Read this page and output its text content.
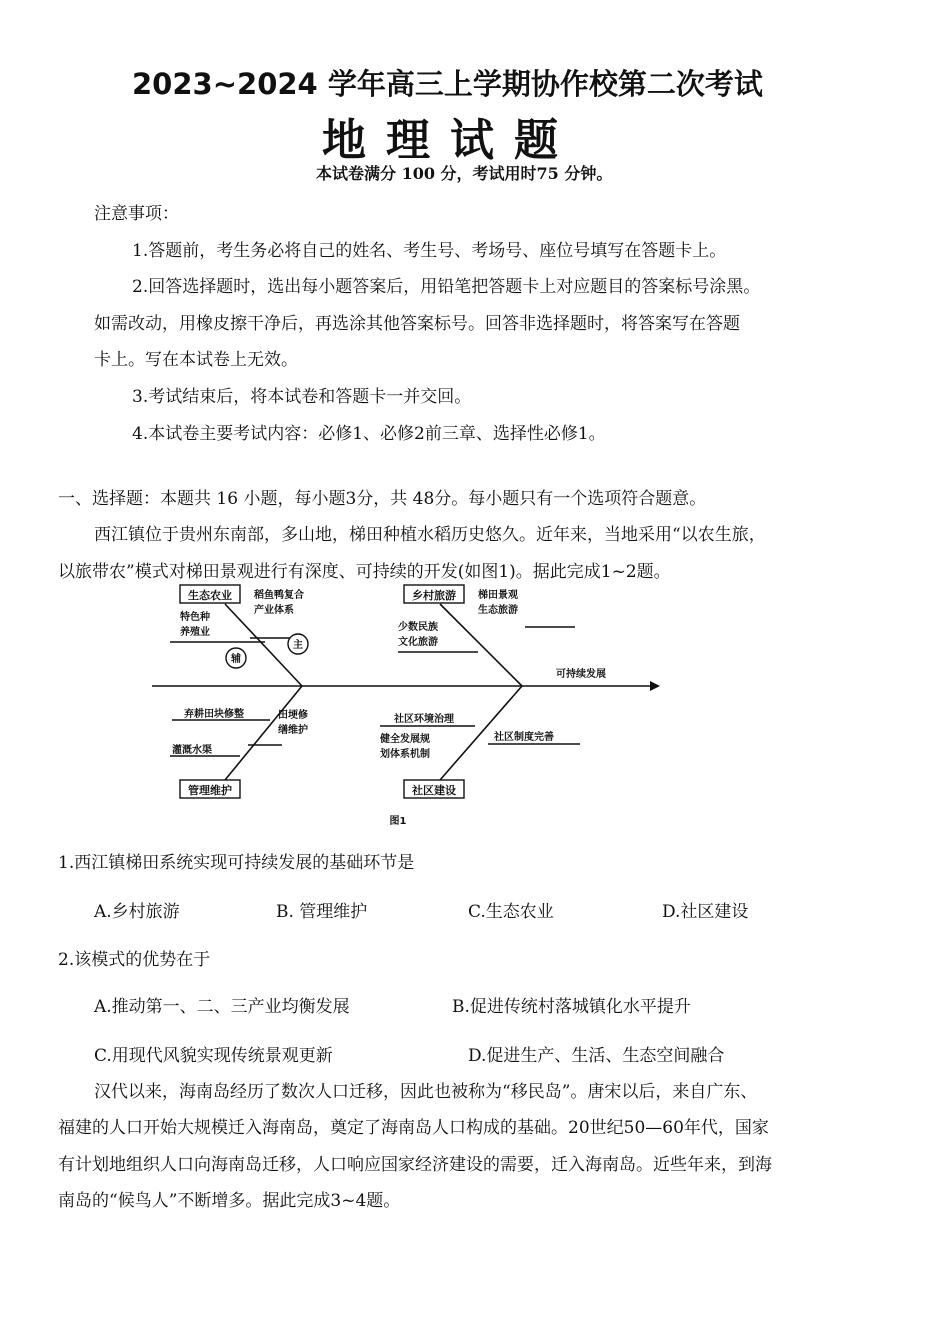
2023~2024 学年高三上学期协作校第二次考试
地理试题
本试卷满分 100 分，考试用时75 分钟。
注意事项：
1.答题前，考生务必将自己的姓名、考生号、考场号、座位号填写在答题卡上。
2.回答选择题时，选出每小题答案后，用铅笔把答题卡上对应题目的答案标号涂黑。
如需改动，用橡皮擦干净后，再选涂其他答案标号。回答非选择题时，将答案写在答题
卡上。写在本试卷上无效。
3.考试结束后，将本试卷和答题卡一并交回。
4.本试卷主要考试内容：必修1、必修2前三章、选择性必修1。
一、选择题：本题共 16 小题，每小题3分，共 48分。每小题只有一个选项符合题意。
西江镇位于贵州东南部，多山地，梯田种植水稻历史悠久。近年来，当地采用“以农生旅，
以旅带农”模式对梯田景观进行有深度、可持续的开发(如图1)。据此完成1~2题。
生态农业	乡村旅游
管理维护	社区建设
辅
主
特色种
养殖业
稻鱼鸭复合
产业体系
梯田景观
生态旅游
少数民族
文化旅游
可持续发展
弃耕田块修整
灌溉水渠
田埂修
缮维护
社区环境治理
健全发展规
划体系机制
社区制度完善
图1
1.西江镇梯田系统实现可持续发展的基础环节是
A.乡村旅游	B. 管理维护	C.生态农业	D.社区建设
2.该模式的优势在于
A.推动第一、二、三产业均衡发展	B.促进传统村落城镇化水平提升
C.用现代风貌实现传统景观更新	D.促进生产、生活、生态空间融合
汉代以来，海南岛经历了数次人口迁移，因此也被称为“移民岛”。唐宋以后，来自广东、
福建的人口开始大规模迁入海南岛，奠定了海南岛人口构成的基础。20世纪50—60年代，国家
有计划地组织人口向海南岛迁移，人口响应国家经济建设的需要，迁入海南岛。近些年来，到海
南岛的“候鸟人”不断增多。据此完成3~4题。
